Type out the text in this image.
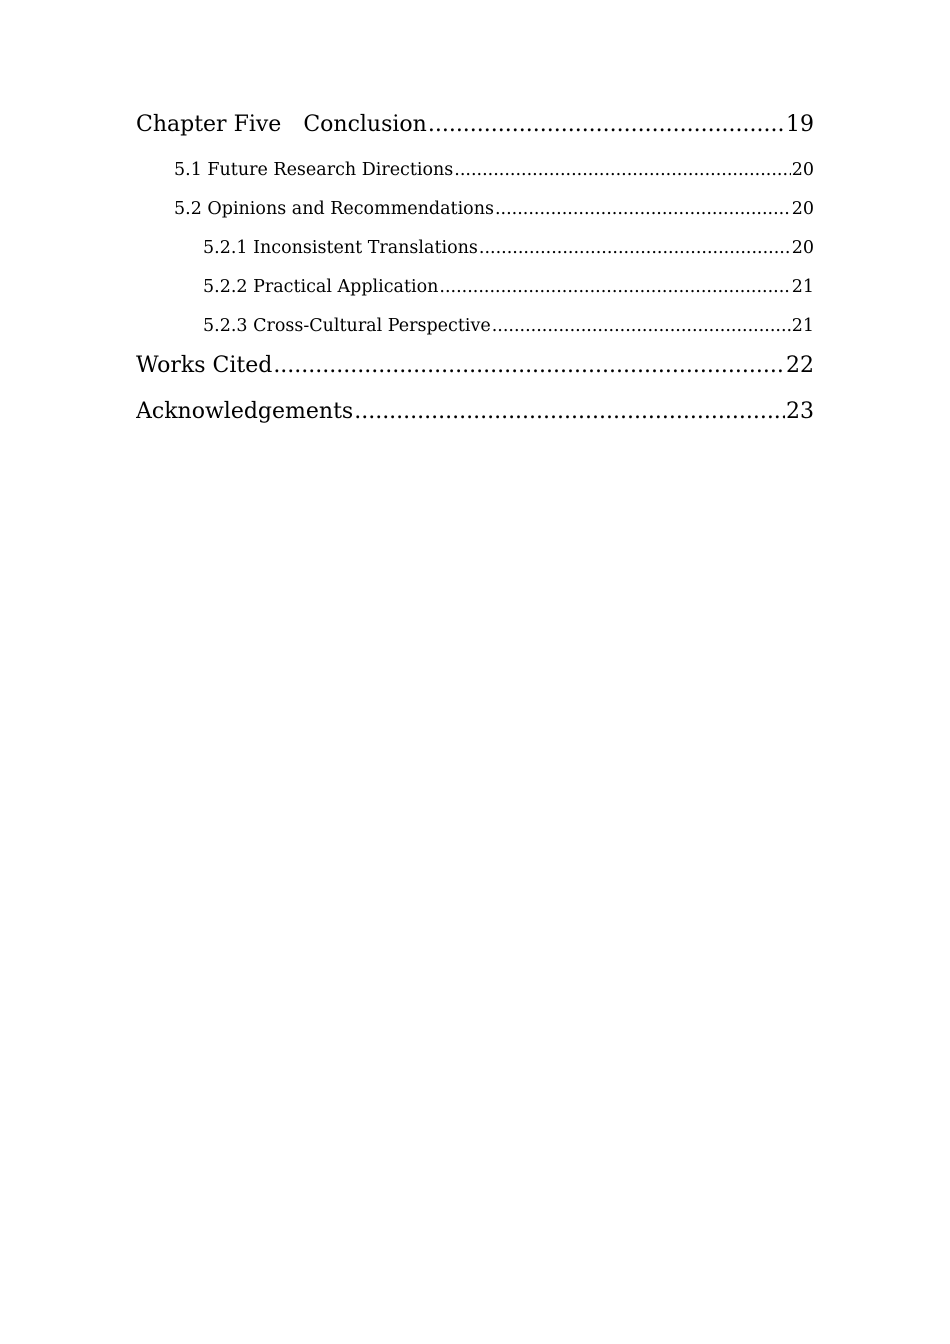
Chapter Five Conclusion .....	19
5.1 Future Research Directions .....	20
5.2 Opinions and Recommendations .....	20
5.2.1 Inconsistent Translations .....	20
5.2.2 Practical Application .....	21
5.2.3 Cross-Cultural Perspective .....	21
Works Cited .....	22
Acknowledgements .....	23
